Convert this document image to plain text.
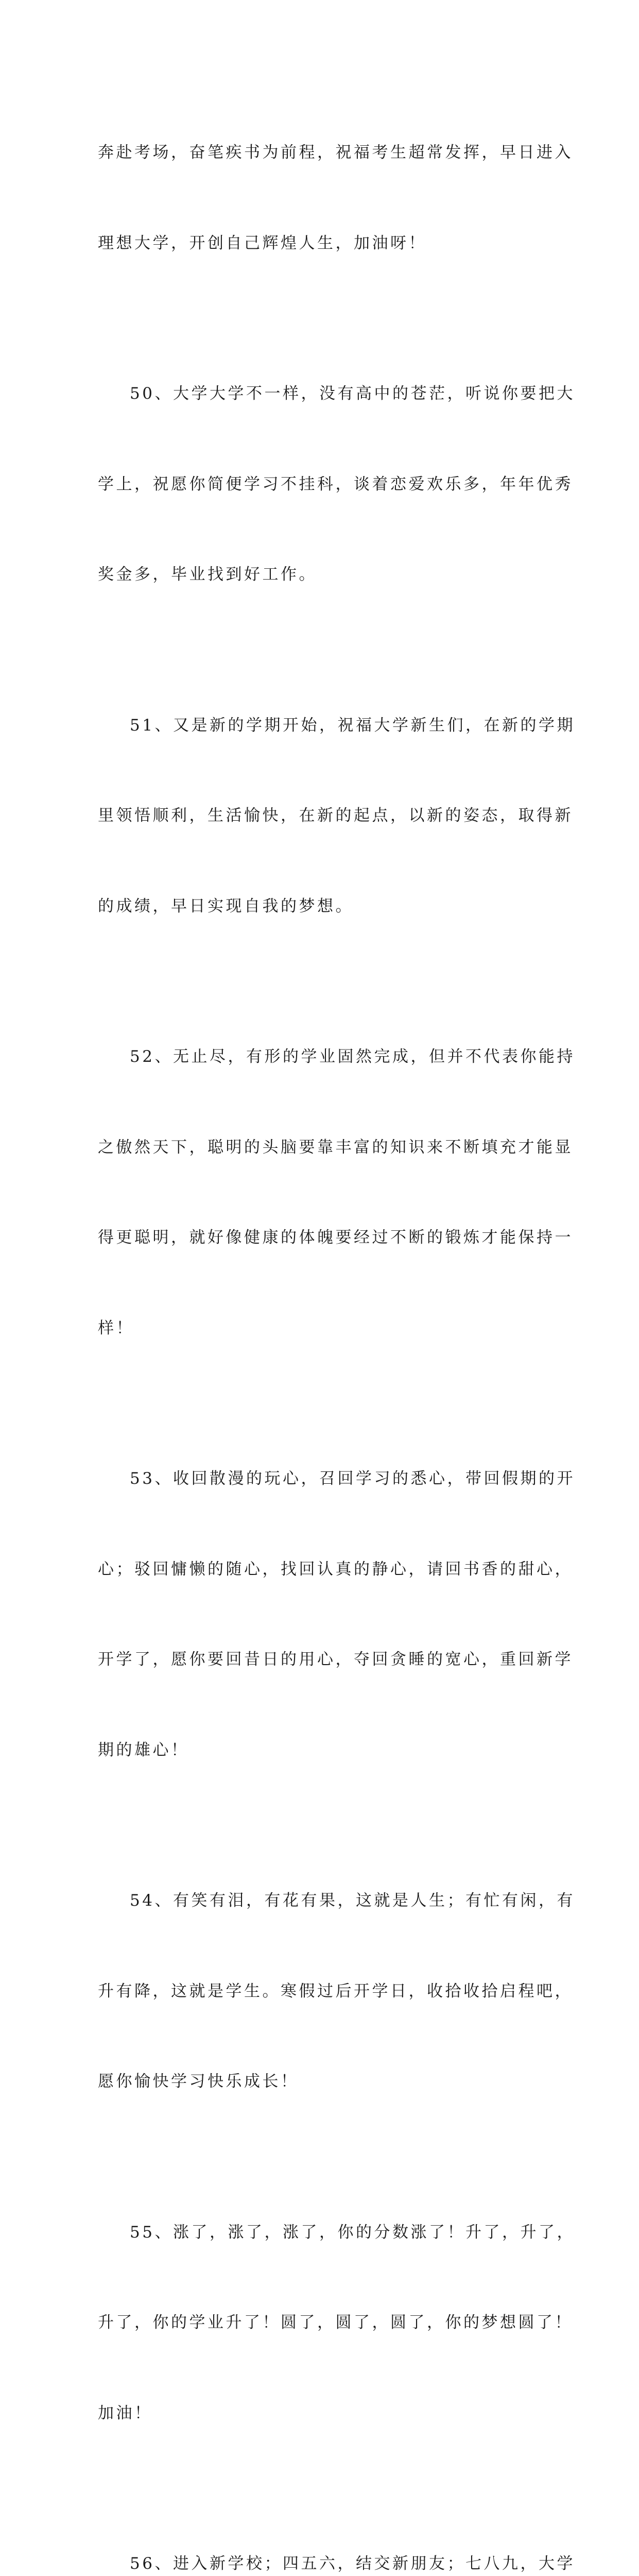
奔赴考场，奋笔疾书为前程，祝福考生超常发挥，早日进入

理想大学，开创自己辉煌人生，加油呀！

50、大学大学不一样，没有高中的苍茫，听说你要把大

学上，祝愿你简便学习不挂科，谈着恋爱欢乐多，年年优秀

奖金多，毕业找到好工作。

51、又是新的学期开始，祝福大学新生们，在新的学期

里领悟顺利，生活愉快，在新的起点，以新的姿态，取得新

的成绩，早日实现自我的梦想。

52、无止尽，有形的学业固然完成，但并不代表你能持

之傲然天下，聪明的头脑要靠丰富的知识来不断填充才能显

得更聪明，就好像健康的体魄要经过不断的锻炼才能保持一

样！

53、收回散漫的玩心，召回学习的悉心，带回假期的开

心；驳回慵懒的随心，找回认真的静心，请回书香的甜心，

开学了，愿你要回昔日的用心，夺回贪睡的宽心，重回新学

期的雄心！

54、有笑有泪，有花有果，这就是人生；有忙有闲，有

升有降，这就是学生。寒假过后开学日，收拾收拾启程吧，

愿你愉快学习快乐成长！

55、涨了，涨了，涨了，你的分数涨了！升了，升了，

升了，你的学业升了！圆了，圆了，圆了，你的梦想圆了！

加油！

56、进入新学校；四五六，结交新朋友；七八九，大学
